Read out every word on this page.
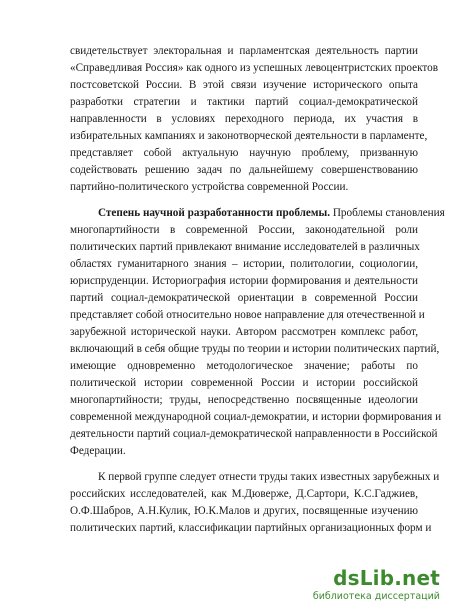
свидетельствует электоральная и парламентская деятельность партии
«Справедливая Россия» как одного из успешных левоцентристских проектов
постсоветской России. В этой связи изучение исторического опыта
разработки стратегии и тактики партий социал-демократической
направленности в условиях переходного периода, их участия в
избирательных кампаниях и законотворческой деятельности в парламенте,
представляет собой актуальную научную проблему, призванную
содействовать решению задач по дальнейшему совершенствованию
партийно-политического устройства современной России.
Степень научной разработанности проблемы. Проблемы становления
многопартийности в современной России, законодательной роли
политических партий привлекают внимание исследователей в различных
областях гуманитарного знания – истории, политологии, социологии,
юриспруденции. Историография истории формирования и деятельности
партий социал-демократической ориентации в современной России
представляет собой относительно новое направление для отечественной и
зарубежной исторической науки. Автором рассмотрен комплекс работ,
включающий в себя общие труды по теории и истории политических партий,
имеющие одновременно методологическое значение; работы по
политической истории современной России и истории российской
многопартийности; труды, непосредственно посвященные идеологии
современной международной социал-демократии, и истории формирования и
деятельности партий социал-демократической направленности в Российской
Федерации.
К первой группе следует отнести труды таких известных зарубежных и
российских исследователей, как М.Дюверже, Д.Сартори, К.С.Гаджиев,
О.Ф.Шабров, А.Н.Кулик, Ю.К.Малов и других, посвященные изучению
политических партий, классификации партийных организационных форм и
dsLib.net
библиотека диссертаций
